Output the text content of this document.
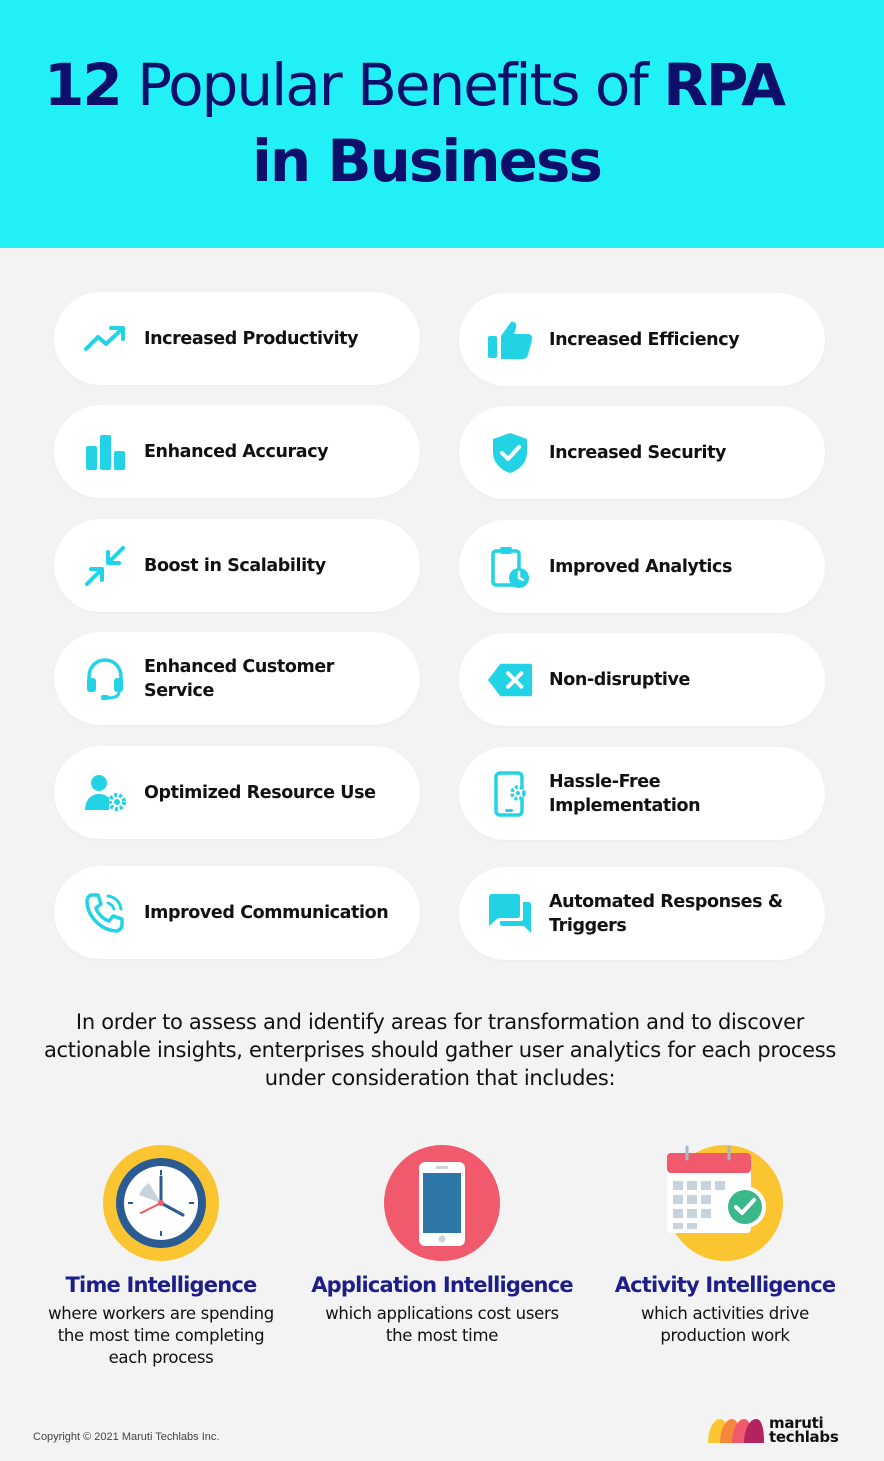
12 Popular Benefits of RPA
in Business
Increased Productivity	Increased Efficiency
Enhanced Accuracy	Increased Security
Boost in Scalability	Improved Analytics
Enhanced Customer Service
Non-disruptive
Optimized Resource Use
Hassle-Free Implementation
Improved Communication
Automated Responses & Triggers
In order to assess and identify areas for transformation and to discover actionable insights, enterprises should gather user analytics for each process under consideration that includes:
Time Intelligence
where workers are spending
the most time completing
each process
Application Intelligence
which applications cost users
the most time
Activity Intelligence
which activities drive
production work
Copyright © 2021 Maruti Techlabs Inc.
maruti
techlabs
